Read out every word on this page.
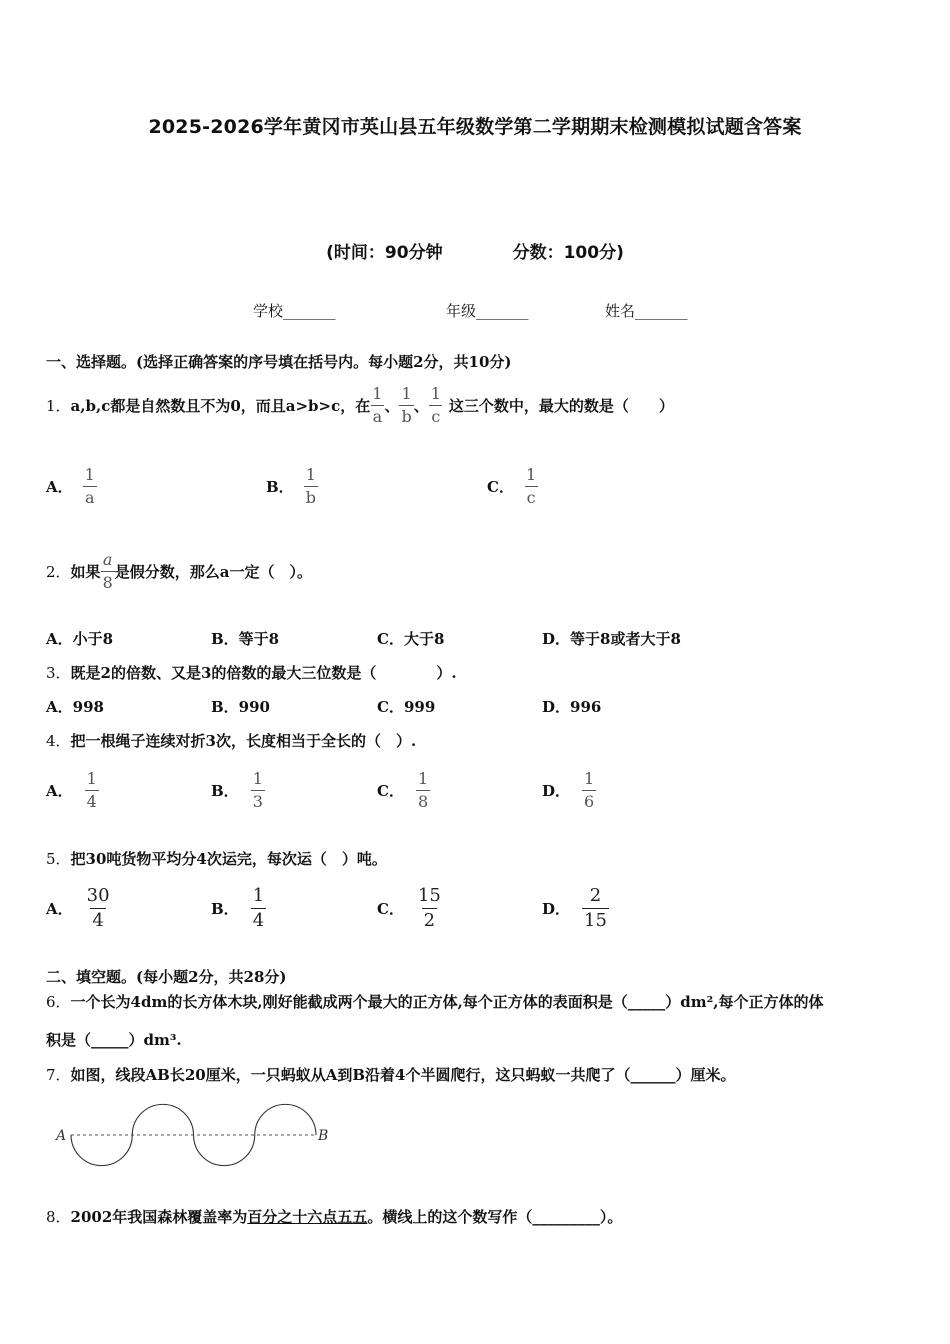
2025-2026学年黄冈市英山县五年级数学第二学期期末检测模拟试题含答案
(时间：90分钟	分数：100分)
学校_______	年级_______	姓名_______
一、选择题。(选择正确答案的序号填在括号内。每小题2分，共10分)
1． a,b,c都是自然数且不为0，而且a>b>c，在 $\frac{1}{a}$ 、 $\frac{1}{b}$ 、 $\frac{1}{c}$ 这三个数中，最大的数是（　　）
A． $\frac{1}{a}$	B． $\frac{1}{b}$	C． $\frac{1}{c}$
2． 如果 $\frac{a}{8}$ 是假分数，那么a一定（　）。
A．小于8	B．等于8	C．大于8	D．等于8或者大于8
3．既是2的倍数、又是3的倍数的最大三位数是（　　　　）.
A．998	B．990	C．999	D．996
4．把一根绳子连续对折3次，长度相当于全长的（　）.
A． $\frac{1}{4}$	B． $\frac{1}{3}$	C． $\frac{1}{8}$	D． $\frac{1}{6}$
5．把30吨货物平均分4次运完，每次运（　）吨。
A． $\frac{30}{4}$	B． $\frac{1}{4}$	C． $\frac{15}{2}$	D． $\frac{2}{15}$
二、填空题。(每小题2分，共28分)
6．一个长为4dm的长方体木块,刚好能截成两个最大的正方体,每个正方体的表面积是（_____）dm²,每个正方体的体
积是（_____）dm³.
7．如图，线段AB长20厘米，一只蚂蚁从A到B沿着4个半圆爬行，这只蚂蚁一共爬了（______）厘米。
A	B
8．2002年我国森林覆盖率为百分之十六点五五。横线上的这个数写作（_________）。
